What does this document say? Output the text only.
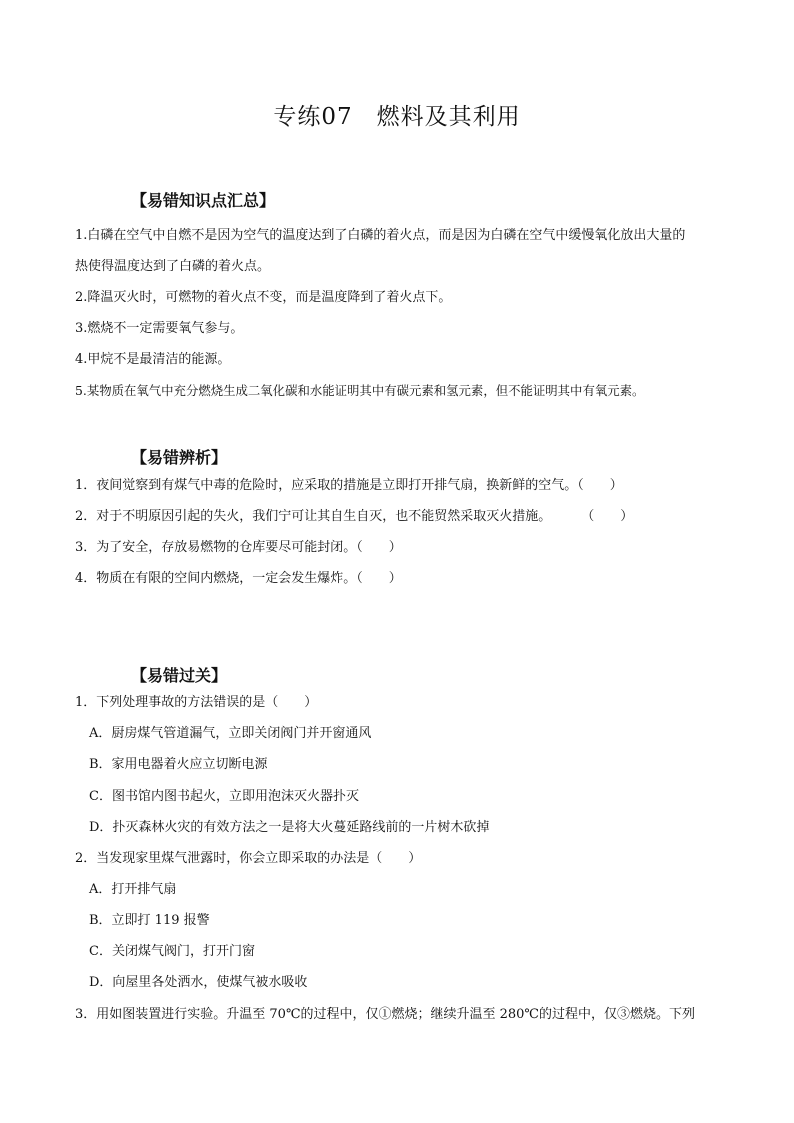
专练07　燃料及其利用
【易错知识点汇总】
1.白磷在空气中自燃不是因为空气的温度达到了白磷的着火点，而是因为白磷在空气中缓慢氧化放出大量的
热使得温度达到了白磷的着火点。
2.降温灭火时，可燃物的着火点不变，而是温度降到了着火点下。
3.燃烧不一定需要氧气参与。
4.甲烷不是最清洁的能源。
5.某物质在氧气中充分燃烧生成二氧化碳和水能证明其中有碳元素和氢元素，但不能证明其中有氧元素。
【易错辨析】
1．夜间觉察到有煤气中毒的危险时，应采取的措施是立即打开排气扇，换新鲜的空气。（　　）
2．对于不明原因引起的失火，我们宁可让其自生自灭，也不能贸然采取灭火措施。 （　　）
3．为了安全，存放易燃物的仓库要尽可能封闭。（　　）
4．物质在有限的空间内燃烧，一定会发生爆炸。（　　）
【易错过关】
1．下列处理事故的方法错误的是（　　）
A．厨房煤气管道漏气，立即关闭阀门并开窗通风
B．家用电器着火应立切断电源
C．图书馆内图书起火，立即用泡沫灭火器扑灭
D．扑灭森林火灾的有效方法之一是将大火蔓延路线前的一片树木砍掉
2．当发现家里煤气泄露时，你会立即采取的办法是（　　）
A．打开排气扇
B．立即打 119 报警
C．关闭煤气阀门，打开门窗
D．向屋里各处洒水，使煤气被水吸收
3．用如图装置进行实验。升温至 70℃的过程中，仅①燃烧；继续升温至 280℃的过程中，仅③燃烧。下列
